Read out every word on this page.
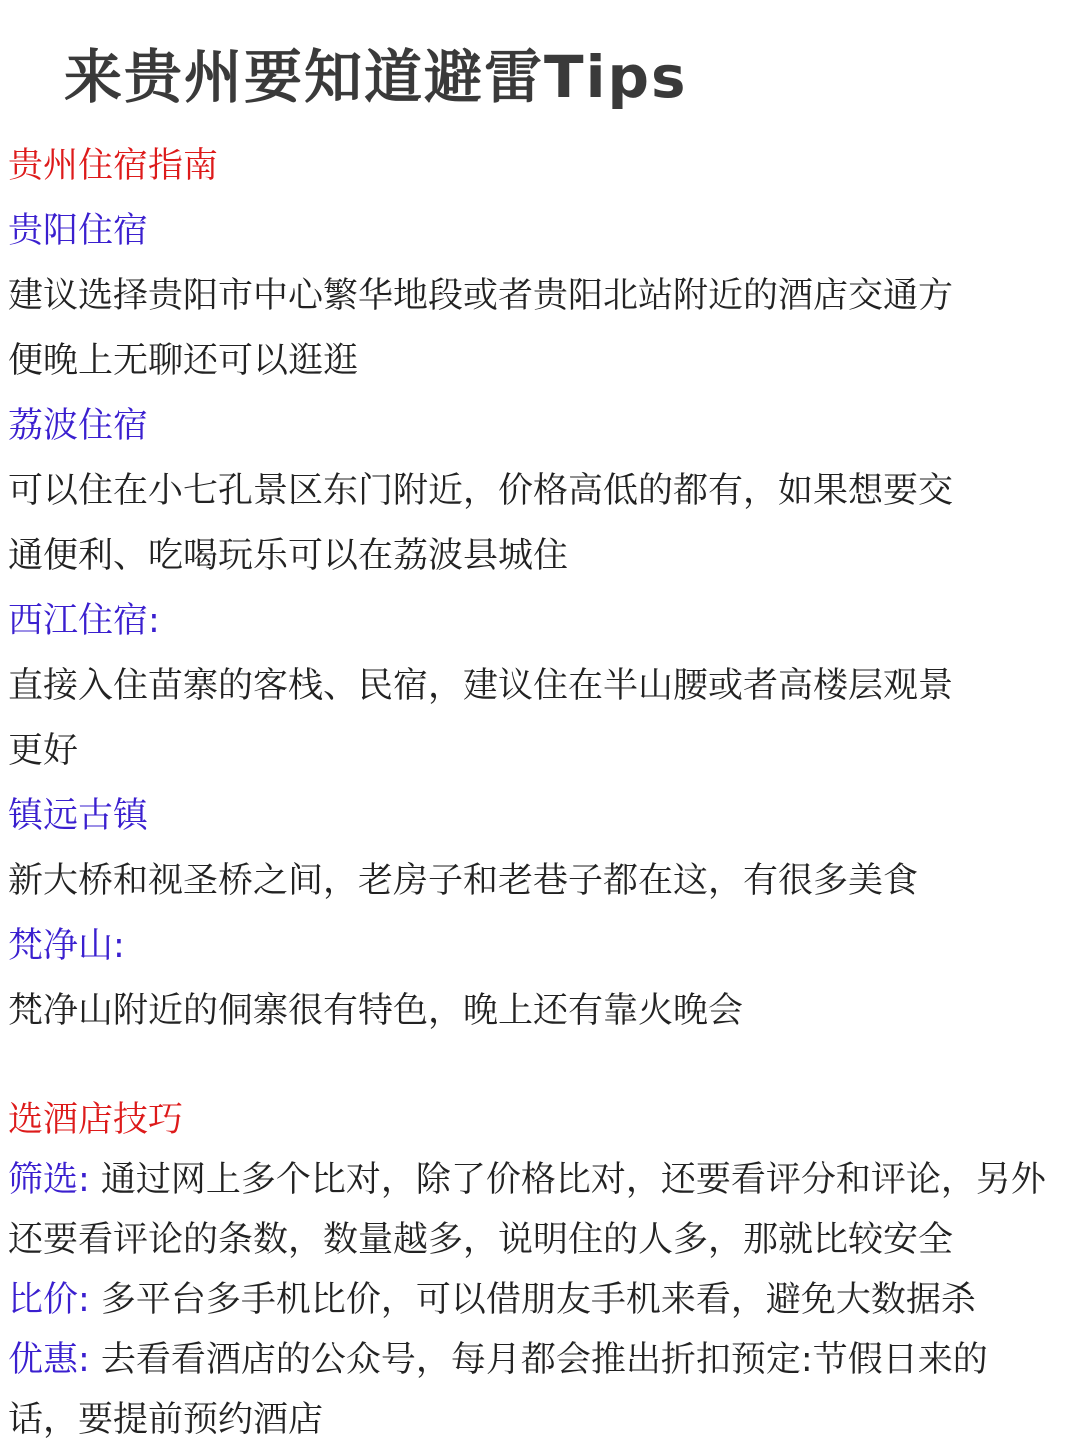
来贵州要知道避雷Tips
贵州住宿指南
贵阳住宿
建议选择贵阳市中心繁华地段或者贵阳北站附近的酒店交通方
便晚上无聊还可以逛逛
荔波住宿
可以住在小七孔景区东门附近，价格高低的都有，如果想要交
通便利、吃喝玩乐可以在荔波县城住
西江住宿:
直接入住苗寨的客栈、民宿，建议住在半山腰或者高楼层观景
更好
镇远古镇
新大桥和视圣桥之间，老房子和老巷子都在这，有很多美食
梵净山:
梵净山附近的侗寨很有特色，晚上还有靠火晚会
选酒店技巧
筛选: 通过网上多个比对，除了价格比对，还要看评分和评论，另外
还要看评论的条数，数量越多，说明住的人多，那就比较安全
比价: 多平台多手机比价，可以借朋友手机来看，避免大数据杀
优惠: 去看看酒店的公众号，每月都会推出折扣预定:节假日来的
话，要提前预约酒店
